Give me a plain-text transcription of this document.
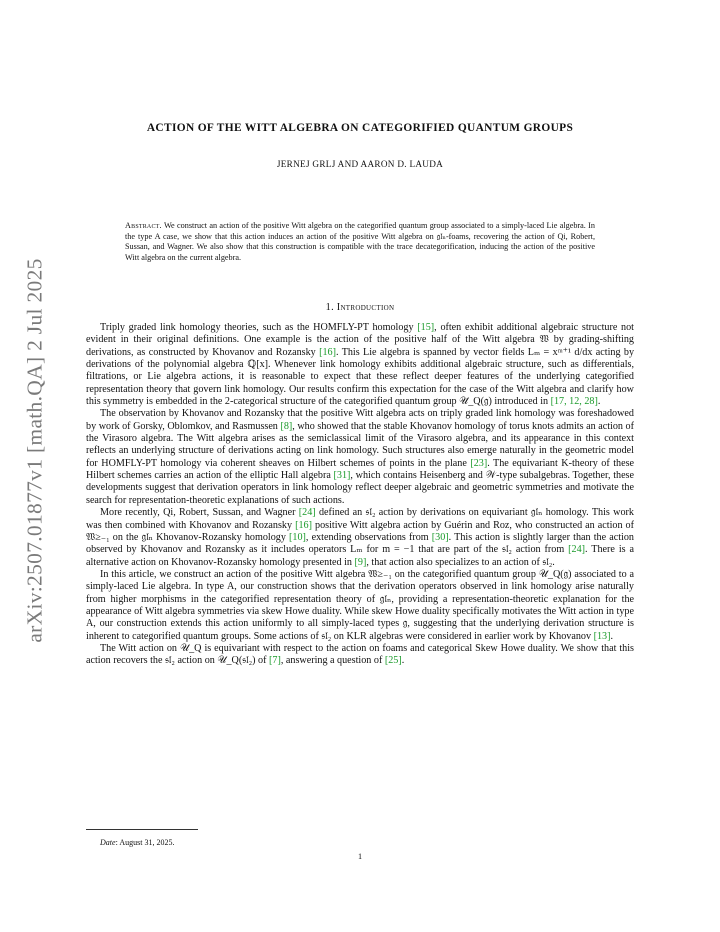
arXiv:2507.01877v1 [math.QA] 2 Jul 2025
ACTION OF THE WITT ALGEBRA ON CATEGORIFIED QUANTUM GROUPS
JERNEJ GRLJ AND AARON D. LAUDA
Abstract. We construct an action of the positive Witt algebra on the categorified quantum group associated to a simply-laced Lie algebra. In the type A case, we show that this action induces an action of the positive Witt algebra on 𝔤𝔩ₙ-foams, recovering the action of Qi, Robert, Sussan, and Wagner. We also show that this construction is compatible with the trace decategorification, inducing the action of the positive Witt algebra on the current algebra.
1. Introduction

Triply graded link homology theories, such as the HOMFLY-PT homology [15], often exhibit additional algebraic structure not evident in their original definitions. One example is the action of the positive half of the Witt algebra 𝔚 by grading-shifting derivations, as constructed by Khovanov and Rozansky [16]. This Lie algebra is spanned by vector fields Lₘ = xᵐ⁺¹ d/dx acting by derivations of the polynomial algebra ℚ[x]. Whenever link homology exhibits additional algebraic structure, such as differentials, filtrations, or Lie algebra actions, it is reasonable to expect that these reflect deeper features of the underlying categorified representation theory that govern link homology. Our results confirm this expectation for the case of the Witt algebra and clarify how this symmetry is embedded in the 2-categorical structure of the categorified quantum group 𝒰̇_Q(𝔤) introduced in [17, 12, 28].

The observation by Khovanov and Rozansky that the positive Witt algebra acts on triply graded link homology was foreshadowed by work of Gorsky, Oblomkov, and Rasmussen [8], who showed that the stable Khovanov homology of torus knots admits an action of the Virasoro algebra. The Witt algebra arises as the semiclassical limit of the Virasoro algebra, and its appearance in this context reflects an underlying structure of derivations acting on link homology. Such structures also emerge naturally in the geometric model for HOMFLY-PT homology via coherent sheaves on Hilbert schemes of points in the plane [23]. The equivariant K-theory of these Hilbert schemes carries an action of the elliptic Hall algebra [31], which contains Heisenberg and 𝒲-type subalgebras. Together, these developments suggest that derivation operators in link homology reflect deeper algebraic and geometric symmetries and motivate the search for representation-theoretic explanations of such actions.

More recently, Qi, Robert, Sussan, and Wagner [24] defined an 𝔰𝔩₂ action by derivations on equivariant 𝔤𝔩ₙ homology. This work was then combined with Khovanov and Rozansky [16] positive Witt algebra action by Guérin and Roz, who constructed an action of 𝔚≥₋₁ on the 𝔤𝔩ₙ Khovanov-Rozansky homology [10], extending observations from [30]. This action is slightly larger than the action observed by Khovanov and Rozansky as it includes operators Lₘ for m = −1 that are part of the 𝔰𝔩₂ action from [24]. There is a alternative action on Khovanov-Rozansky homology presented in [9], that action also specializes to an action of 𝔰𝔩₂.

In this article, we construct an action of the positive Witt algebra 𝔚≥₋₁ on the categorified quantum group 𝒰̇_Q(𝔤) associated to a simply-laced Lie algebra. In type A, our construction shows that the derivation operators observed in link homology arise naturally from higher morphisms in the categorified representation theory of 𝔤𝔩ₙ, providing a representation-theoretic explanation for the appearance of Witt algebra symmetries via skew Howe duality. While skew Howe duality specifically motivates the Witt action in type A, our construction extends this action uniformly to all simply-laced types 𝔤, suggesting that the underlying derivation structure is inherent to categorified quantum groups. Some actions of 𝔰𝔩₂ on KLR algebras were considered in earlier work by Khovanov [13].

The Witt action on 𝒰_Q is equivariant with respect to the action on foams and categorical Skew Howe duality. We show that this action recovers the 𝔰𝔩₂ action on 𝒰_Q(𝔰𝔩₂) of [7], answering a question of [25].

Date: August 31, 2025.
1
